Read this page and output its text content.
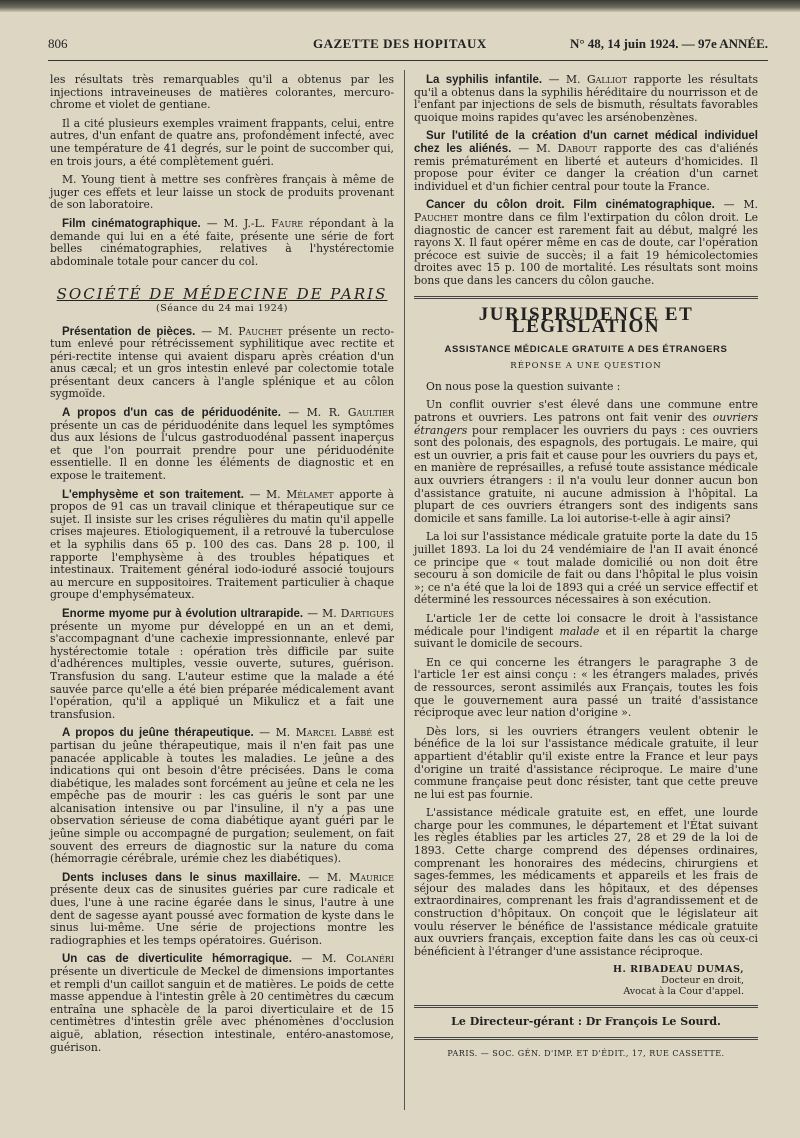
806	GAZETTE DES HOPITAUX	N° 48, 14 juin 1924. — 97e ANNÉE.

les résultats très remarquables qu'il a obtenus par les injections intraveineuses de matières colorantes, mercuro-chrome et violet de gentiane.

Il a cité plusieurs exemples vraiment frappants, celui, entre autres, d'un enfant de quatre ans, profondément infecté, avec une température de 41 degrés, sur le point de succomber qui, en trois jours, a été complètement guéri.

M. Young tient à mettre ses confrères français à même de juger ces effets et leur laisse un stock de produits provenant de son laboratoire.

Film cinématographique. — M. J.-L. Faure répondant à la demande qui lui en a été faite, présente une série de fort belles cinématographies, relatives à l'hystérectomie abdominale totale pour cancer du col.

SOCIÉTÉ DE MÉDECINE DE PARIS
(Séance du 24 mai 1924)

Présentation de pièces. — M. Pauchet présente un recto-tum enlevé pour rétrécissement syphilitique avec rectite et péri-rectite intense qui avaient disparu après création d'un anus cæcal; et un gros intestin enlevé par colectomie totale présentant deux cancers à l'angle splénique et au côlon sygmoïde.

A propos d'un cas de périduodénite. — M. R. Gaultier présente un cas de périduodénite dans lequel les symptômes dus aux lésions de l'ulcus gastroduodénal passent inaperçus et que l'on pourrait prendre pour une périduodénite essentielle. Il en donne les éléments de diagnostic et en expose le traitement.

L'emphysème et son traitement. — M. Mélamet apporte à propos de 91 cas un travail clinique et thérapeutique sur ce sujet. Il insiste sur les crises régulières du matin qu'il appelle crises majeures. Etiologiquement, il a retrouvé la tuberculose et la syphilis dans 65 p. 100 des cas. Dans 28 p. 100, il rapporte l'emphysème à des troubles hépatiques et intestinaux. Traitement général iodo-ioduré associé toujours au mercure en suppositoires. Traitement particulier à chaque groupe d'emphysémateux.

Enorme myome pur à évolution ultrarapide. — M. Dartigues présente un myome pur développé en un an et demi, s'accompagnant d'une cachexie impressionnante, enlevé par hystérectomie totale : opération très difficile par suite d'adhérences multiples, vessie ouverte, sutures, guérison. Transfusion du sang. L'auteur estime que la malade a été sauvée parce qu'elle a été bien préparée médicalement avant l'opération, qu'il a appliqué un Mikulicz et a fait une transfusion.

A propos du jeûne thérapeutique. — M. Marcel Labbé est partisan du jeûne thérapeutique, mais il n'en fait pas une panacée applicable à toutes les maladies. Le jeûne a des indications qui ont besoin d'être précisées. Dans le coma diabétique, les malades sont forcément au jeûne et cela ne les empêche pas de mourir : les cas guéris le sont par une alcanisation intensive ou par l'insuline, il n'y a pas une observation sérieuse de coma diabétique ayant guéri par le jeûne simple ou accompagné de purgation; seulement, on fait souvent des erreurs de diagnostic sur la nature du coma (hémorragie cérébrale, urémie chez les diabétiques).

Dents incluses dans le sinus maxillaire. — M. Maurice présente deux cas de sinusites guéries par cure radicale et dues, l'une à une racine égarée dans le sinus, l'autre à une dent de sagesse ayant poussé avec formation de kyste dans le sinus lui-même. Une série de projections montre les radiographies et les temps opératoires. Guérison.

Un cas de diverticulite hémorragique. — M. Colanéri présente un diverticule de Meckel de dimensions importantes et rempli d'un caillot sanguin et de matières. Le poids de cette masse appendue à l'intestin grêle à 20 centimètres du cæcum entraîna une sphacèle de la paroi diverticulaire et de 15 centimètres d'intestin grêle avec phénomènes d'occlusion aiguë, ablation, résection intestinale, entéro-anastomose, guérison.

La syphilis infantile. — M. Galliot rapporte les résultats qu'il a obtenus dans la syphilis héréditaire du nourrisson et de l'enfant par injections de sels de bismuth, résultats favorables quoique moins rapides qu'avec les arsénobenzènes.

Sur l'utilité de la création d'un carnet médical individuel chez les aliénés. — M. Dabout rapporte des cas d'aliénés remis prématurément en liberté et auteurs d'homicides. Il propose pour éviter ce danger la création d'un carnet individuel et d'un fichier central pour toute la France.

Cancer du côlon droit. Film cinématographique. — M. Pauchet montre dans ce film l'extirpation du côlon droit. Le diagnostic de cancer est rarement fait au début, malgré les rayons X. Il faut opérer même en cas de doute, car l'opération précoce est suivie de succès; il a fait 19 hémicolectomies droites avec 15 p. 100 de mortalité. Les résultats sont moins bons que dans les cancers du côlon gauche.

JURISPRUDENCE ET LÉGISLATION
ASSISTANCE MÉDICALE GRATUITE A DES ÉTRANGERS
RÉPONSE A UNE QUESTION

On nous pose la question suivante :

Un conflit ouvrier s'est élevé dans une commune entre patrons et ouvriers. Les patrons ont fait venir des ouvriers étrangers pour remplacer les ouvriers du pays : ces ouvriers sont des polonais, des espagnols, des portugais. Le maire, qui est un ouvrier, a pris fait et cause pour les ouvriers du pays et, en manière de représailles, a refusé toute assistance médicale aux ouvriers étrangers : il n'a voulu leur donner aucun bon d'assistance gratuite, ni aucune admission à l'hôpital. La plupart de ces ouvriers étrangers sont des indigents sans domicile et sans famille. La loi autorise-t-elle à agir ainsi?

La loi sur l'assistance médicale gratuite porte la date du 15 juillet 1893. La loi du 24 vendémiaire de l'an II avait énoncé ce principe que « tout malade domicilié ou non doit être secouru à son domicile de fait ou dans l'hôpital le plus voisin »; ce n'a été que la loi de 1893 qui a créé un service effectif et déterminé les ressources nécessaires à son exécution.

L'article 1er de cette loi consacre le droit à l'assistance médicale pour l'indigent malade et il en répartit la charge suivant le domicile de secours.

En ce qui concerne les étrangers le paragraphe 3 de l'article 1er est ainsi conçu : « les étrangers malades, privés de ressources, seront assimilés aux Français, toutes les fois que le gouvernement aura passé un traité d'assistance réciproque avec leur nation d'origine ».

Dès lors, si les ouvriers étrangers veulent obtenir le bénéfice de la loi sur l'assistance médicale gratuite, il leur appartient d'établir qu'il existe entre la France et leur pays d'origine un traité d'assistance réciproque. Le maire d'une commune française peut donc résister, tant que cette preuve ne lui est pas fournie.

L'assistance médicale gratuite est, en effet, une lourde charge pour les communes, le département et l'État suivant les règles établies par les articles 27, 28 et 29 de la loi de 1893. Cette charge comprend des dépenses ordinaires, comprenant les honoraires des médecins, chirurgiens et sages-femmes, les médicaments et appareils et les frais de séjour des malades dans les hôpitaux, et des dépenses extraordinaires, comprenant les frais d'agrandissement et de construction d'hôpitaux. On conçoit que le législateur ait voulu réserver le bénéfice de l'assistance médicale gratuite aux ouvriers français, exception faite dans les cas où ceux-ci bénéficient à l'étranger d'une assistance réciproque.

H. RIBADEAU DUMAS,
Docteur en droit,
Avocat à la Cour d'appel.
Le Directeur-gérant : Dr François Le Sourd.
PARIS. — SOC. GÉN. D'IMP. ET D'ÉDIT., 17, RUE CASSETTE.
